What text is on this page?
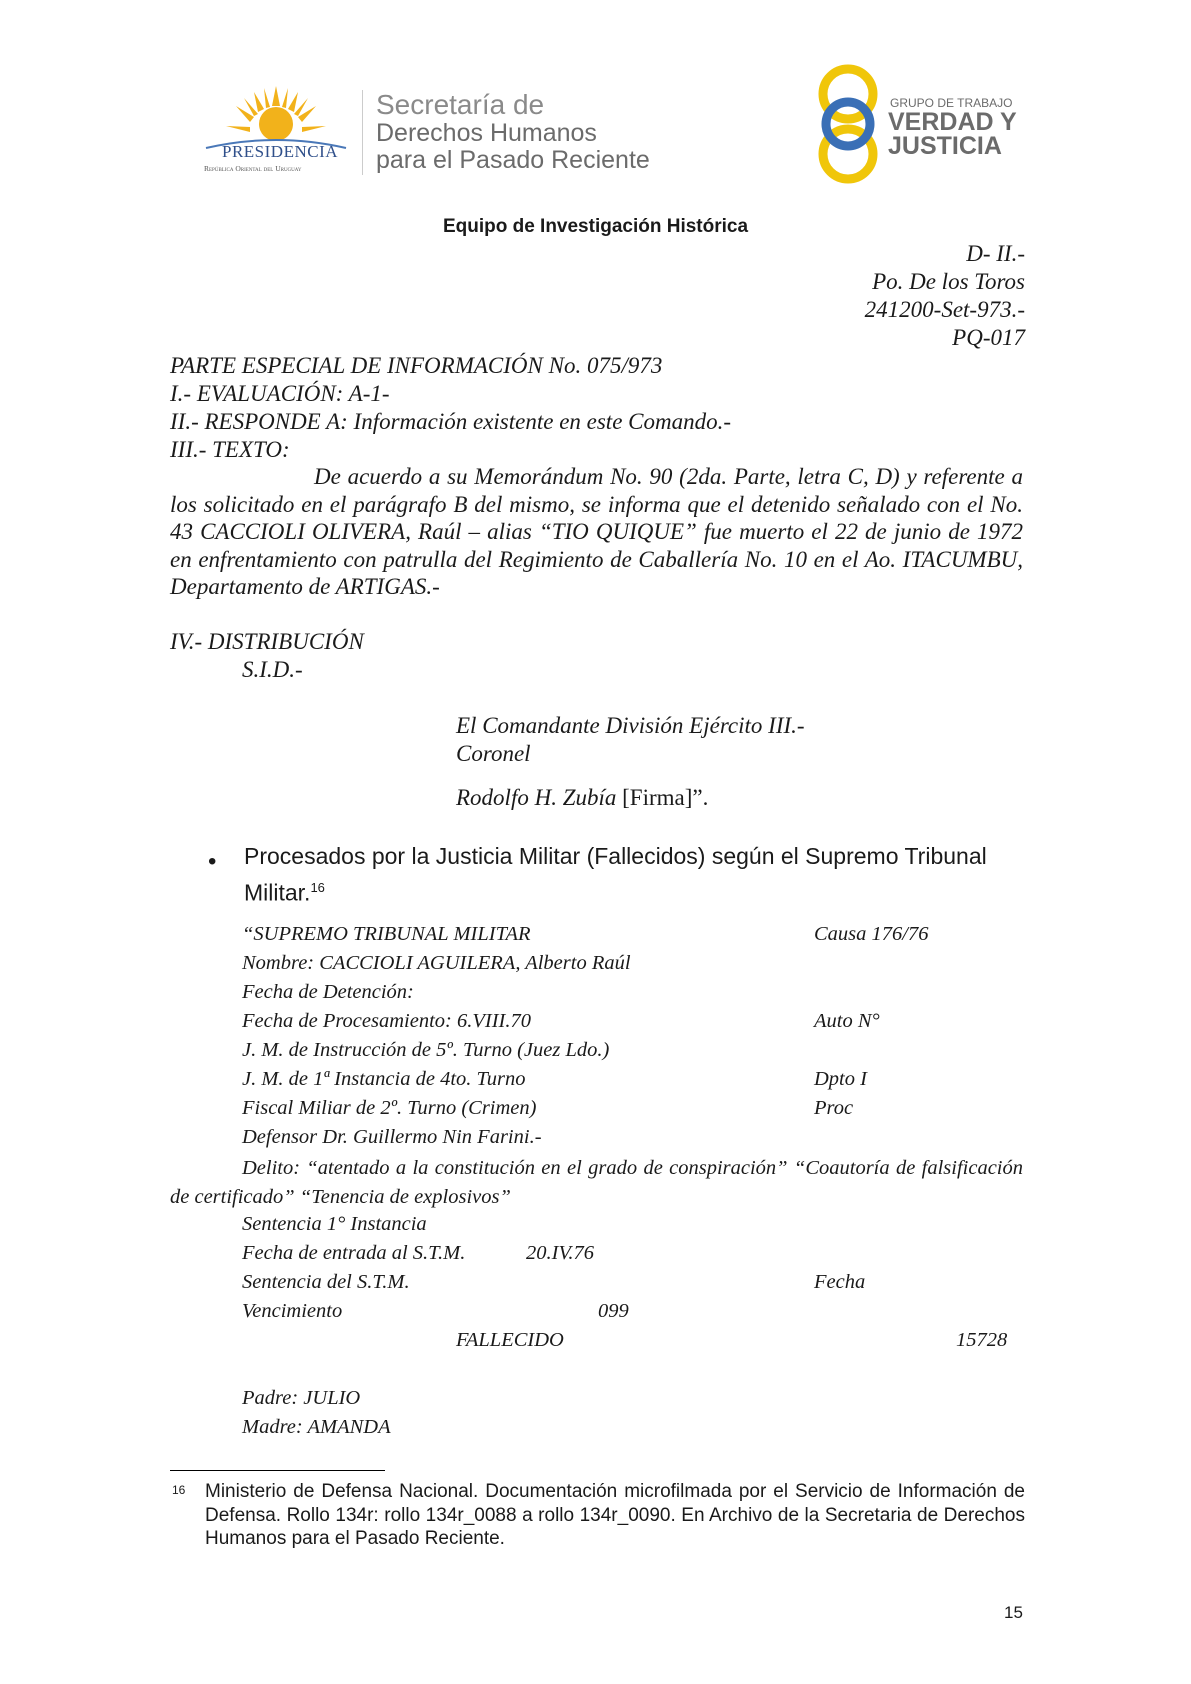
PRESIDENCIA
República Oriental del Uruguay
Secretaría de
Derechos Humanos
para el Pasado Reciente
GRUPO DE TRABAJO
VERDAD Y
JUSTICIA
Equipo de Investigación Histórica
D- II.-
Po. De los Toros
241200-Set-973.-
PQ-017
PARTE ESPECIAL DE INFORMACIÓN No. 075/973
I.- EVALUACIÓN: A-1-
II.- RESPONDE A: Información existente en este Comando.-
III.- TEXTO:
De acuerdo a su Memorándum No. 90 (2da. Parte, letra C, D) y referente a los solicitado en el parágrafo B del mismo, se informa que el detenido señalado con el No. 43 CACCIOLI OLIVERA, Raúl – alias “TIO QUIQUE” fue muerto el 22 de junio de 1972 en enfrentamiento con patrulla del Regimiento de Caballería No. 10 en el Ao. ITACUMBU, Departamento de ARTIGAS.-
IV.- DISTRIBUCIÓN
S.I.D.-
El Comandante División Ejército III.-
Coronel
Rodolfo H. Zubía [Firma]”.
• Procesados por la Justicia Militar (Fallecidos) según el Supremo Tribunal Militar.$^{16}$
“SUPREMO TRIBUNAL MILITAR	Causa 176/76
Nombre: CACCIOLI AGUILERA, Alberto Raúl
Fecha de Detención:
Fecha de Procesamiento: 6.VIII.70	Auto N°
J. M. de Instrucción de 5º. Turno (Juez Ldo.)
J. M. de 1ª Instancia de 4to. Turno	Dpto I
Fiscal Miliar de 2º. Turno (Crimen)	Proc
Defensor Dr. Guillermo Nin Farini.-
Delito: “atentado a la constitución en el grado de conspiración” “Coautoría de falsificación de certificado” “Tenencia de explosivos”
Sentencia 1° Instancia
Fecha de entrada al S.T.M.	20.IV.76
Sentencia del S.T.M.	Fecha
Vencimiento	099
FALLECIDO	15728
Padre: JULIO
Madre: AMANDA
16 Ministerio de Defensa Nacional. Documentación microfilmada por el Servicio de Información de Defensa. Rollo 134r: rollo 134r_0088 a rollo 134r_0090. En Archivo de la Secretaria de Derechos Humanos para el Pasado Reciente.
15
